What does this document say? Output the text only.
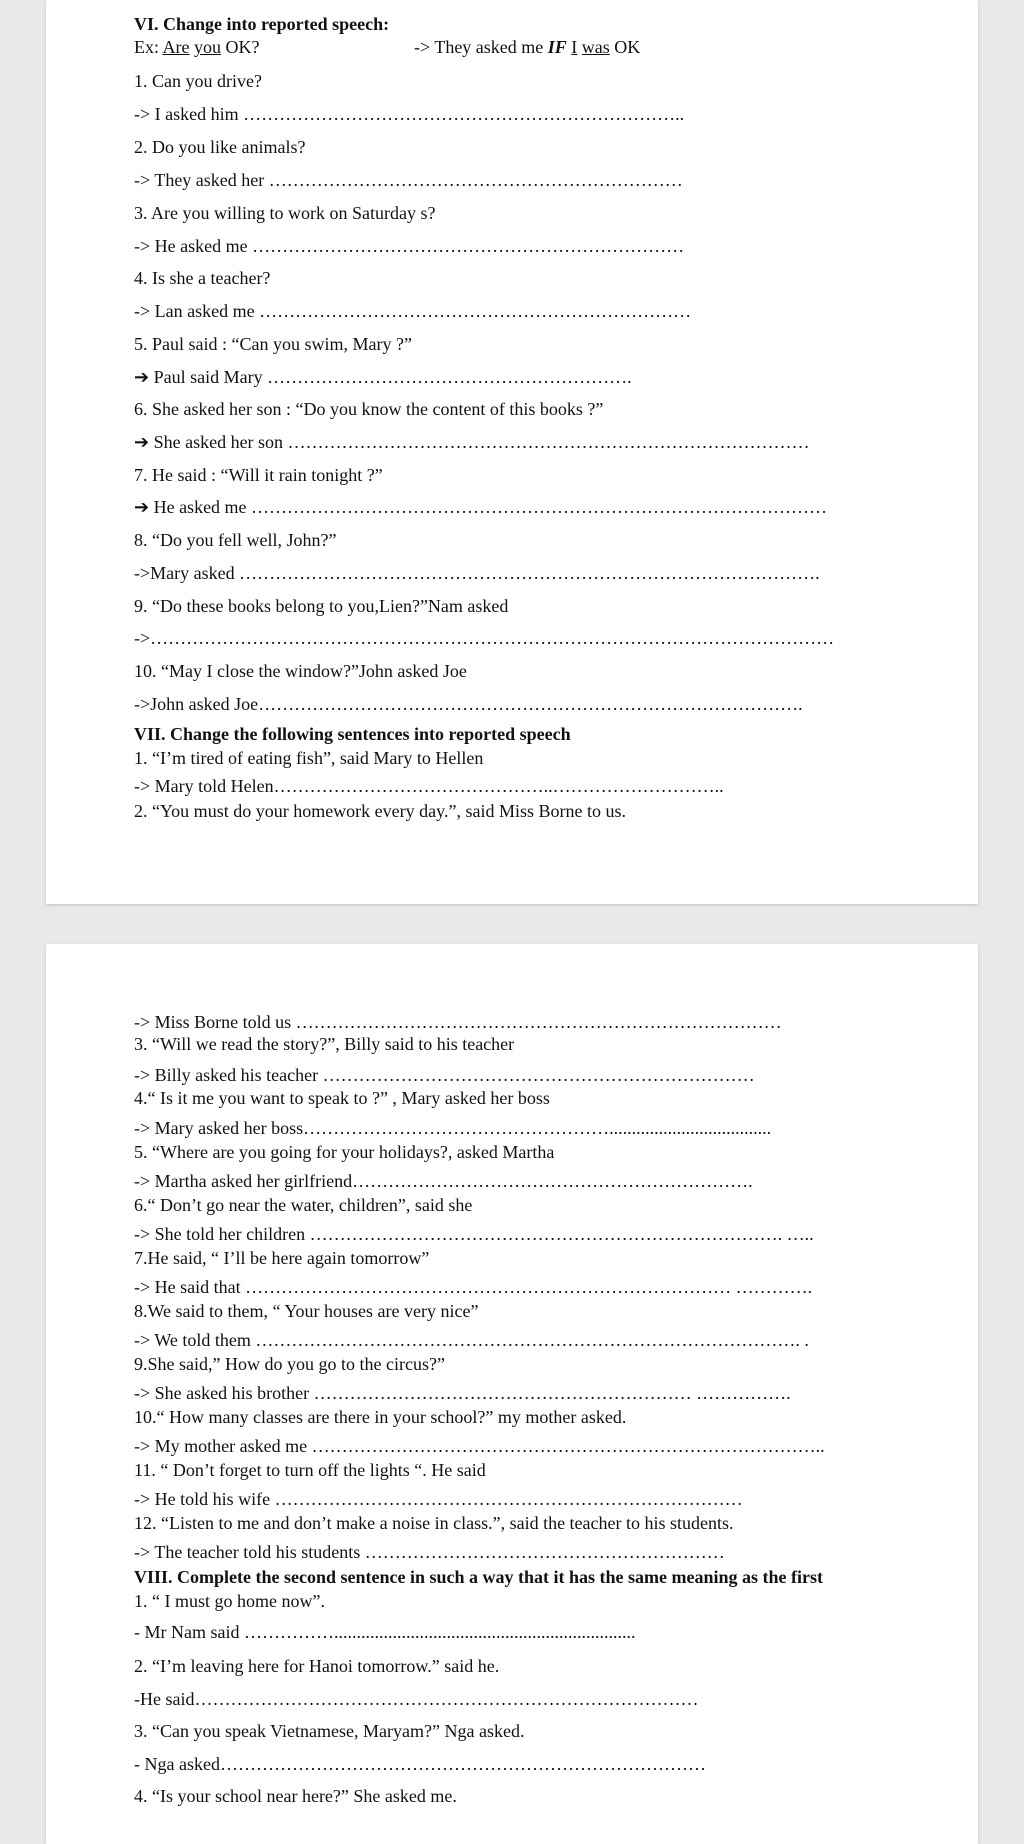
VI. Change into reported speech:
Ex: Are you OK?	-> They asked me IF I was OK
1. Can you drive?
-> I asked him ………………………………………………………………..
2. Do you like animals?
-> They asked her ……………………………………………………………
3. Are you willing to work on Saturday s?
-> He asked me ………………………………………………………………
4. Is she a teacher?
-> Lan asked me ………………………………………………………………
5. Paul said : “Can you swim, Mary ?”
➔ Paul said Mary …………………………………………………….
6. She asked her son : “Do you know the content of this books ?”
➔ She asked her son ……………………………………………………………………………
7. He said : “Will it rain tonight ?”
➔ He asked me ……………………………………………………………………………………
8. “Do you fell well, John?”
->Mary asked …………………………………………………………………………………….
9. “Do these books belong to you,Lien?”Nam asked
->……………………………………………………………………………………………………
10. “May I close the window?”John asked Joe
->John asked Joe……………………………………………………………………………….
VII. Change the following sentences into reported speech
1. “I’m tired of eating fish”, said Mary to Hellen
-> Mary told Helen………………………………………..………………………..
2. “You must do your homework every day.”, said Miss Borne to us.
-> Miss Borne told us ………………………………………………………………………
3. “Will we read the story?”, Billy said to his teacher
-> Billy asked his teacher ………………………………………………………………
4.“ Is it me you want to speak to ?” , Mary asked her boss
-> Mary asked her boss……………………………………………....................................
5. “Where are you going for your holidays?, asked Martha
-> Martha asked her girlfriend………………………………………………………….
6.“ Don’t go near the water, children”, said she
-> She told her children ……………………………………………………………………. …..
7.He said, “ I’ll be here again tomorrow”
-> He said that ……………………………………………………………………… ………….
8.We said to them, “ Your houses are very nice”
-> We told them ………………………………………………………………………………. .
9.She said,” How do you go to the circus?”
-> She asked his brother ……………………………………………………… …………….
10.“ How many classes are there in your school?” my mother asked.
-> My mother asked me …………………………………………………………………………..
11. “ Don’t forget to turn off the lights “. He said
-> He told his wife ……………………………………………………………………
12. “Listen to me and don’t make a noise in class.”, said the teacher to his students.
-> The teacher told his students ……………………………………………………
VIII. Complete the second sentence in such a way that it has the same meaning as the first
1. “ I must go home now”.
- Mr Nam said ……………...................................................................
2. “I’m leaving here for Hanoi tomorrow.” said he.
-He said…………………………………………………………………………
3. “Can you speak Vietnamese, Maryam?” Nga asked.
- Nga asked………………………………………………………………………
4. “Is your school near here?” She asked me.
